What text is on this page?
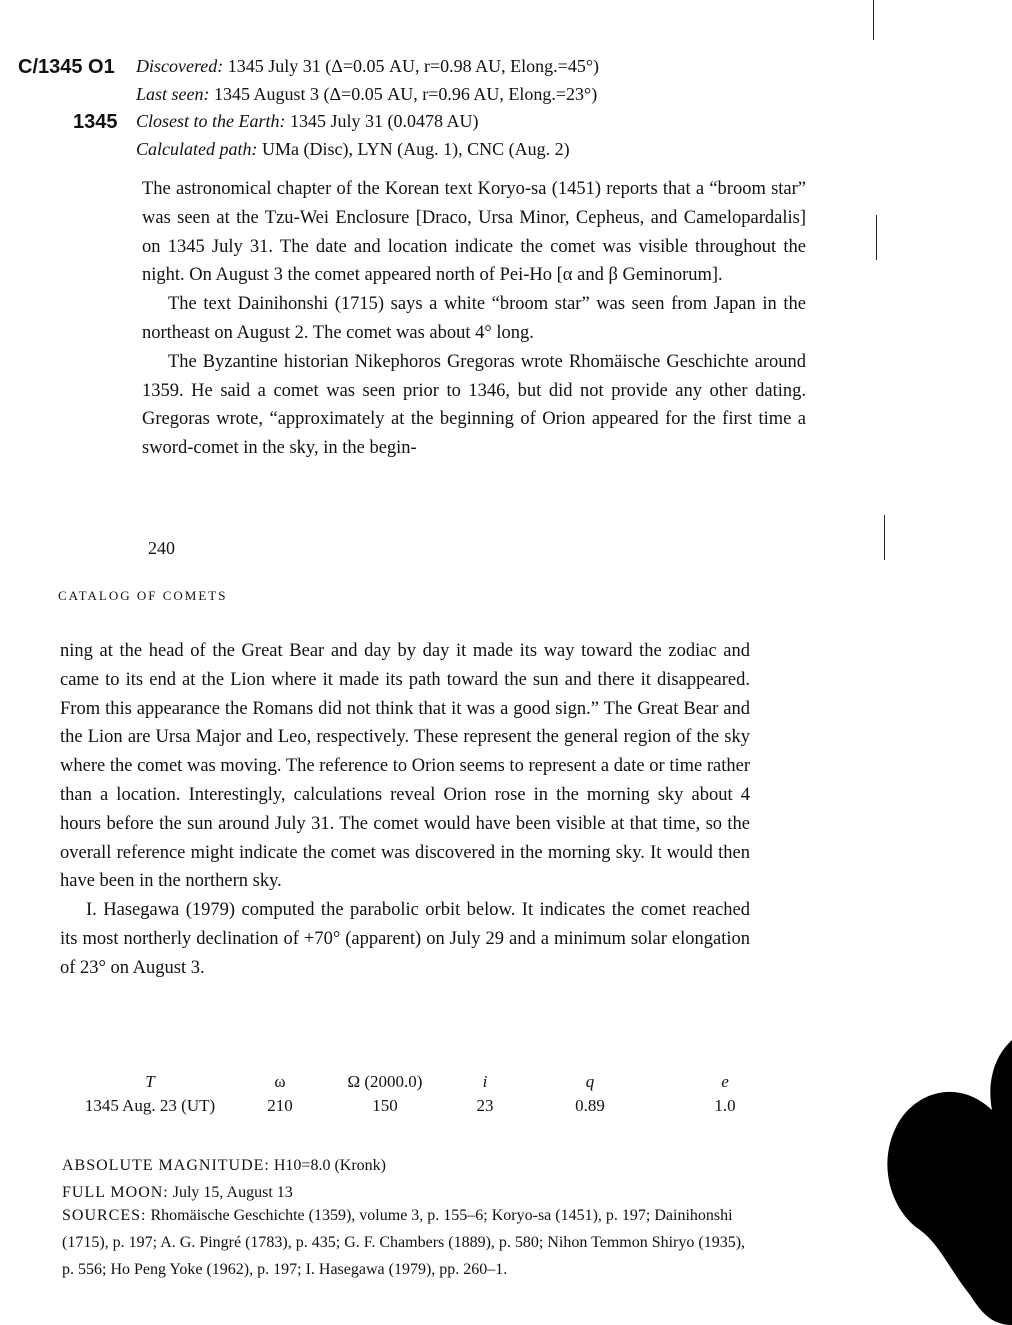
C/1345 O1
1345
Discovered: 1345 July 31 (Δ=0.05 AU, r=0.98 AU, Elong.=45°)
Last seen: 1345 August 3 (Δ=0.05 AU, r=0.96 AU, Elong.=23°)
Closest to the Earth: 1345 July 31 (0.0478 AU)
Calculated path: UMa (Disc), LYN (Aug. 1), CNC (Aug. 2)

The astronomical chapter of the Korean text Koryo-sa (1451) reports that a “broom star” was seen at the Tzu-Wei Enclosure [Draco, Ursa Minor, Cepheus, and Camelopardalis] on 1345 July 31. The date and location indicate the comet was visible throughout the night. On August 3 the comet appeared north of Pei-Ho [α and β Geminorum].

The text Dainihonshi (1715) says a white “broom star” was seen from Japan in the northeast on August 2. The comet was about 4° long.

The Byzantine historian Nikephoros Gregoras wrote Rhomäische Geschichte around 1359. He said a comet was seen prior to 1346, but did not provide any other dating. Gregoras wrote, “approximately at the beginning of Orion appeared for the first time a sword-comet in the sky, in the begin-

240
CATALOG OF COMETS

ning at the head of the Great Bear and day by day it made its way toward the zodiac and came to its end at the Lion where it made its path toward the sun and there it disappeared. From this appearance the Romans did not think that it was a good sign.” The Great Bear and the Lion are Ursa Major and Leo, respectively. These represent the general region of the sky where the comet was moving. The reference to Orion seems to represent a date or time rather than a location. Interestingly, calculations reveal Orion rose in the morning sky about 4 hours before the sun around July 31. The comet would have been visible at that time, so the overall reference might indicate the comet was discovered in the morning sky. It would then have been in the northern sky.

I. Hasegawa (1979) computed the parabolic orbit below. It indicates the comet reached its most northerly declination of +70° (apparent) on July 29 and a minimum solar elongation of 23° on August 3.

T	ω	Ω (2000.0)	i	q	e
1345 Aug. 23 (UT)	210	150	23	0.89	1.0
ABSOLUTE MAGNITUDE: H10=8.0 (Kronk)
FULL MOON: July 15, August 13
SOURCES: Rhomäische Geschichte (1359), volume 3, p. 155–6; Koryo-sa (1451), p. 197; Dainihonshi (1715), p. 197; A. G. Pingré (1783), p. 435; G. F. Chambers (1889), p. 580; Nihon Temmon Shiryo (1935), p. 556; Ho Peng Yoke (1962), p. 197; I. Hasegawa (1979), pp. 260–1.
